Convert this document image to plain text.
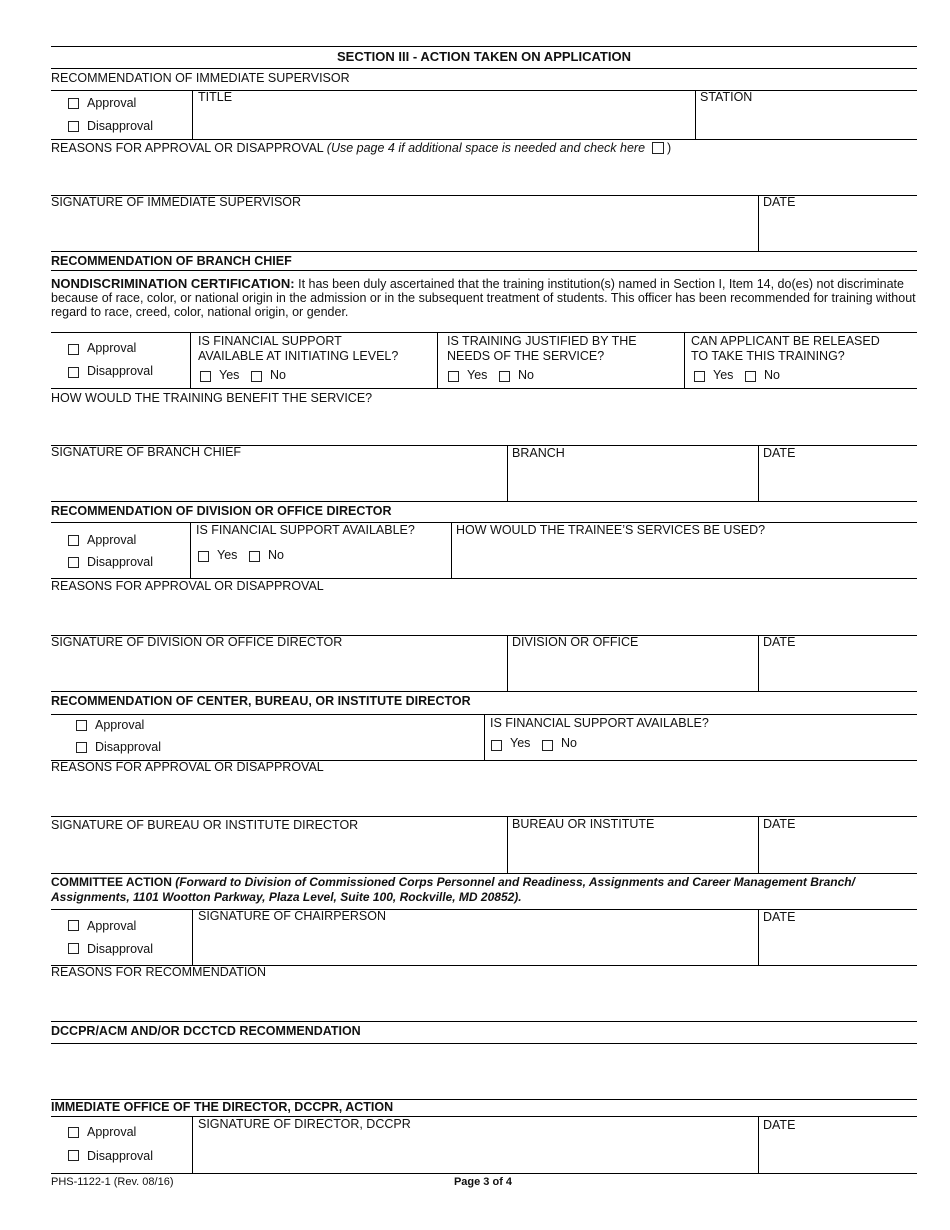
SECTION III - ACTION TAKEN ON APPLICATION
RECOMMENDATION OF IMMEDIATE SUPERVISOR
Approval
Disapproval
TITLE	STATION
REASONS FOR APPROVAL OR DISAPPROVAL (Use page 4 if additional space is needed and check here )
SIGNATURE OF IMMEDIATE SUPERVISOR	DATE
RECOMMENDATION OF BRANCH CHIEF
NONDISCRIMINATION CERTIFICATION: It has been duly ascertained that the training institution(s) named in Section I, Item 14, do(es) not discriminate because of race, color, or national origin in the admission or in the subsequent treatment of students. This officer has been recommended for training without regard to race, creed, color, national origin, or gender.
Approval
Disapproval
IS FINANCIAL SUPPORT
AVAILABLE AT INITIATING LEVEL?
Yes No
IS TRAINING JUSTIFIED BY THE
NEEDS OF THE SERVICE?
Yes No
CAN APPLICANT BE RELEASED
TO TAKE THIS TRAINING?
Yes No
HOW WOULD THE TRAINING BENEFIT THE SERVICE?
SIGNATURE OF BRANCH CHIEF	BRANCH	DATE
RECOMMENDATION OF DIVISION OR OFFICE DIRECTOR
Approval
Disapproval
IS FINANCIAL SUPPORT AVAILABLE?
Yes No
HOW WOULD THE TRAINEE’S SERVICES BE USED?
REASONS FOR APPROVAL OR DISAPPROVAL
SIGNATURE OF DIVISION OR OFFICE DIRECTOR	DIVISION OR OFFICE	DATE
RECOMMENDATION OF CENTER, BUREAU, OR INSTITUTE DIRECTOR
Approval
Disapproval
IS FINANCIAL SUPPORT AVAILABLE?
Yes No
REASONS FOR APPROVAL OR DISAPPROVAL
SIGNATURE OF BUREAU OR INSTITUTE DIRECTOR	BUREAU OR INSTITUTE	DATE
COMMITTEE ACTION (Forward to Division of Commissioned Corps Personnel and Readiness, Assignments and Career Management Branch/ Assignments, 1101 Wootton Parkway, Plaza Level, Suite 100, Rockville, MD 20852).
Approval
Disapproval
SIGNATURE OF CHAIRPERSON	DATE
REASONS FOR RECOMMENDATION
DCCPR/ACM AND/OR DCCTCD RECOMMENDATION
IMMEDIATE OFFICE OF THE DIRECTOR, DCCPR, ACTION
Approval
Disapproval
SIGNATURE OF DIRECTOR, DCCPR	DATE
PHS-1122-1 (Rev. 08/16)	Page 3 of 4
